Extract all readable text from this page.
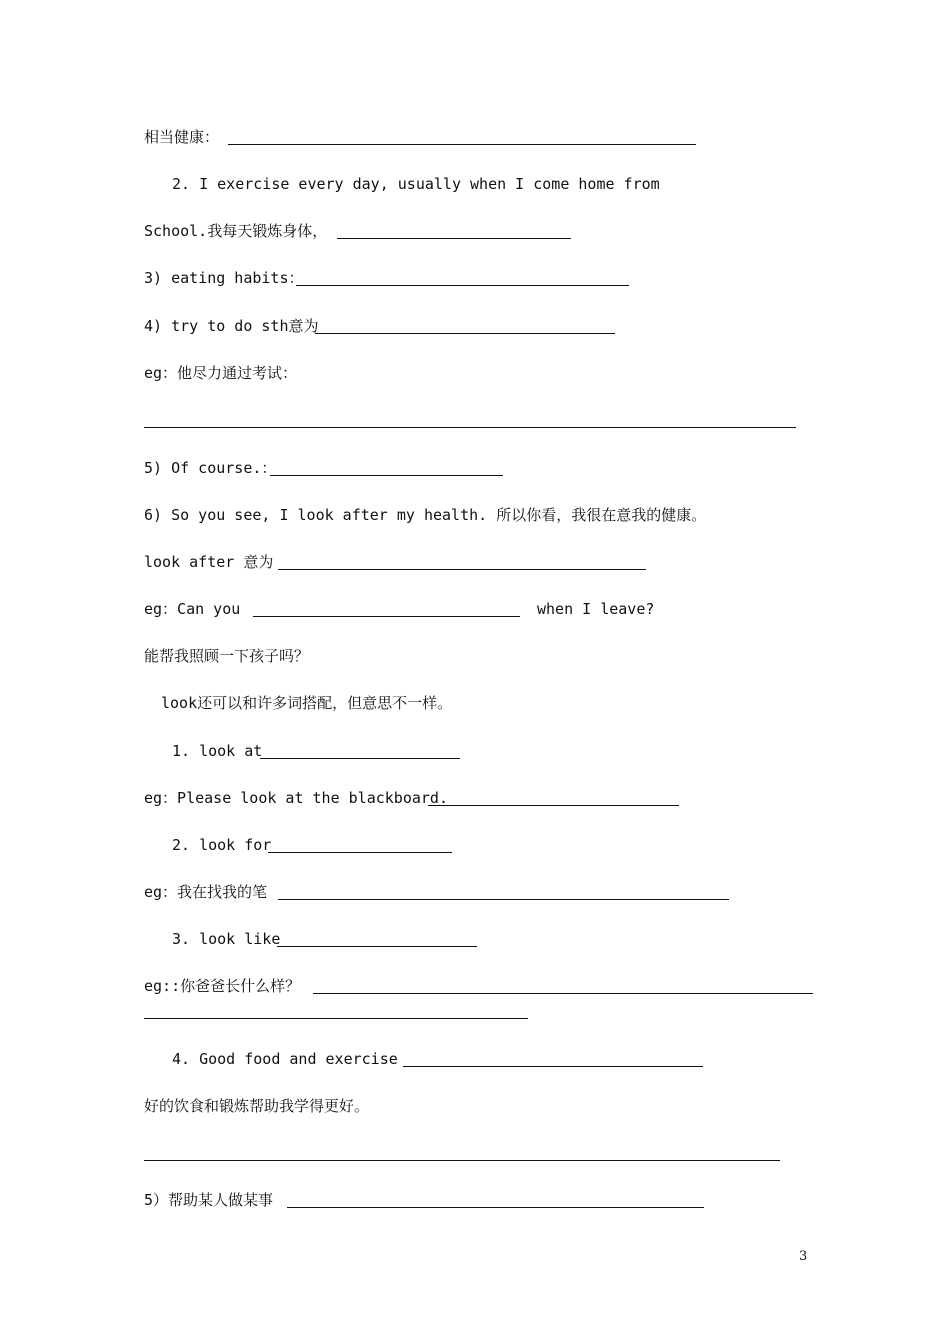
相当健康：
2. I exercise every day, usually when I come home from
School.我每天锻炼身体，
3) eating habits：
4) try to do sth意为
eg：他尽力通过考试：
5) Of course.：
6) So you see, I look after my health. 所以你看，我很在意我的健康。
look after 意为
eg：Can you	when I leave?
能帮我照顾一下孩子吗？
look还可以和许多词搭配，但意思不一样。
1. look at
eg：Please look at the blackboard.
2. look for
eg：我在找我的笔
3. look like
eg::你爸爸长什么样？
4. Good food and exercise
好的饮食和锻炼帮助我学得更好。
5）帮助某人做某事
3
